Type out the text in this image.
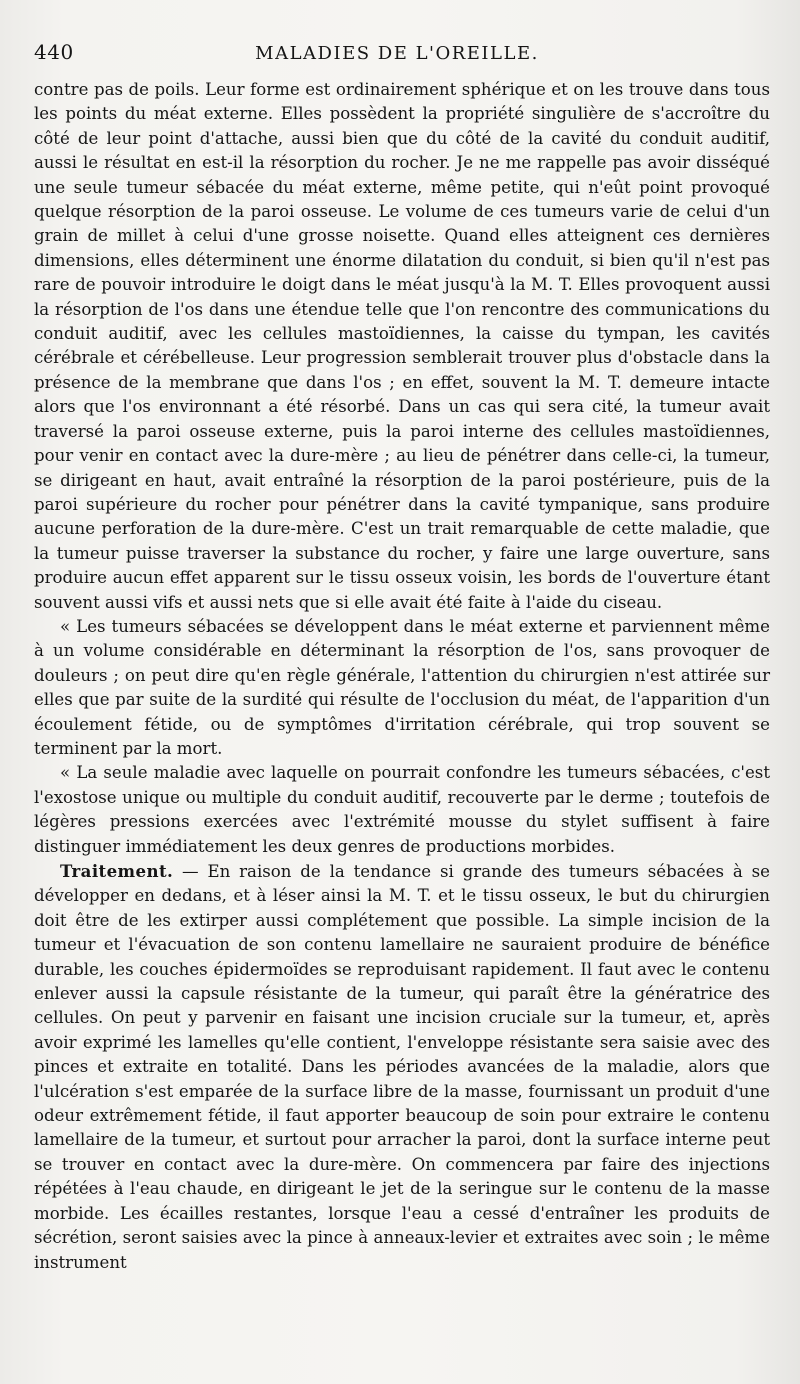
440	MALADIES DE L'OREILLE.

contre pas de poils. Leur forme est ordinairement sphérique et on les trouve dans tous les points du méat externe. Elles possèdent la propriété singulière de s'accroître du côté de leur point d'attache, aussi bien que du côté de la cavité du conduit auditif, aussi le résultat en est-il la résorption du rocher. Je ne me rappelle pas avoir disséqué une seule tumeur sébacée du méat externe, même petite, qui n'eût point provoqué quelque résorption de la paroi osseuse. Le volume de ces tumeurs varie de celui d'un grain de millet à celui d'une grosse noisette. Quand elles atteignent ces dernières dimensions, elles déterminent une énorme dilatation du conduit, si bien qu'il n'est pas rare de pouvoir introduire le doigt dans le méat jusqu'à la M. T. Elles provoquent aussi la résorption de l'os dans une étendue telle que l'on rencontre des communications du conduit auditif, avec les cellules mastoïdiennes, la caisse du tympan, les cavités cérébrale et cérébelleuse. Leur progression semblerait trouver plus d'obstacle dans la présence de la membrane que dans l'os ; en effet, souvent la M. T. demeure intacte alors que l'os environnant a été résorbé. Dans un cas qui sera cité, la tumeur avait traversé la paroi osseuse externe, puis la paroi interne des cellules mastoïdiennes, pour venir en contact avec la dure-mère ; au lieu de pénétrer dans celle-ci, la tumeur, se dirigeant en haut, avait entraîné la résorption de la paroi postérieure, puis de la paroi supérieure du rocher pour pénétrer dans la cavité tympanique, sans produire aucune perforation de la dure-mère. C'est un trait remarquable de cette maladie, que la tumeur puisse traverser la substance du rocher, y faire une large ouverture, sans produire aucun effet apparent sur le tissu osseux voisin, les bords de l'ouverture étant souvent aussi vifs et aussi nets que si elle avait été faite à l'aide du ciseau.

« Les tumeurs sébacées se développent dans le méat externe et parviennent même à un volume considérable en déterminant la résorption de l'os, sans provoquer de douleurs ; on peut dire qu'en règle générale, l'attention du chirurgien n'est attirée sur elles que par suite de la surdité qui résulte de l'occlusion du méat, de l'apparition d'un écoulement fétide, ou de symptômes d'irritation cérébrale, qui trop souvent se terminent par la mort.

« La seule maladie avec laquelle on pourrait confondre les tumeurs sébacées, c'est l'exostose unique ou multiple du conduit auditif, recouverte par le derme ; toutefois de légères pressions exercées avec l'extrémité mousse du stylet suffisent à faire distinguer immédiatement les deux genres de productions morbides.

Traitement. — En raison de la tendance si grande des tumeurs sébacées à se développer en dedans, et à léser ainsi la M. T. et le tissu osseux, le but du chirurgien doit être de les extirper aussi complétement que possible. La simple incision de la tumeur et l'évacuation de son contenu lamellaire ne sauraient produire de bénéfice durable, les couches épidermoïdes se reproduisant rapidement. Il faut avec le contenu enlever aussi la capsule résistante de la tumeur, qui paraît être la génératrice des cellules. On peut y parvenir en faisant une incision cruciale sur la tumeur, et, après avoir exprimé les lamelles qu'elle contient, l'enveloppe résistante sera saisie avec des pinces et extraite en totalité. Dans les périodes avancées de la maladie, alors que l'ulcération s'est emparée de la surface libre de la masse, fournissant un produit d'une odeur extrêmement fétide, il faut apporter beaucoup de soin pour extraire le contenu lamellaire de la tumeur, et surtout pour arracher la paroi, dont la surface interne peut se trouver en contact avec la dure-mère. On commencera par faire des injections répétées à l'eau chaude, en dirigeant le jet de la seringue sur le contenu de la masse morbide. Les écailles restantes, lorsque l'eau a cessé d'entraîner les produits de sécrétion, seront saisies avec la pince à anneaux-levier et extraites avec soin ; le même instrument
